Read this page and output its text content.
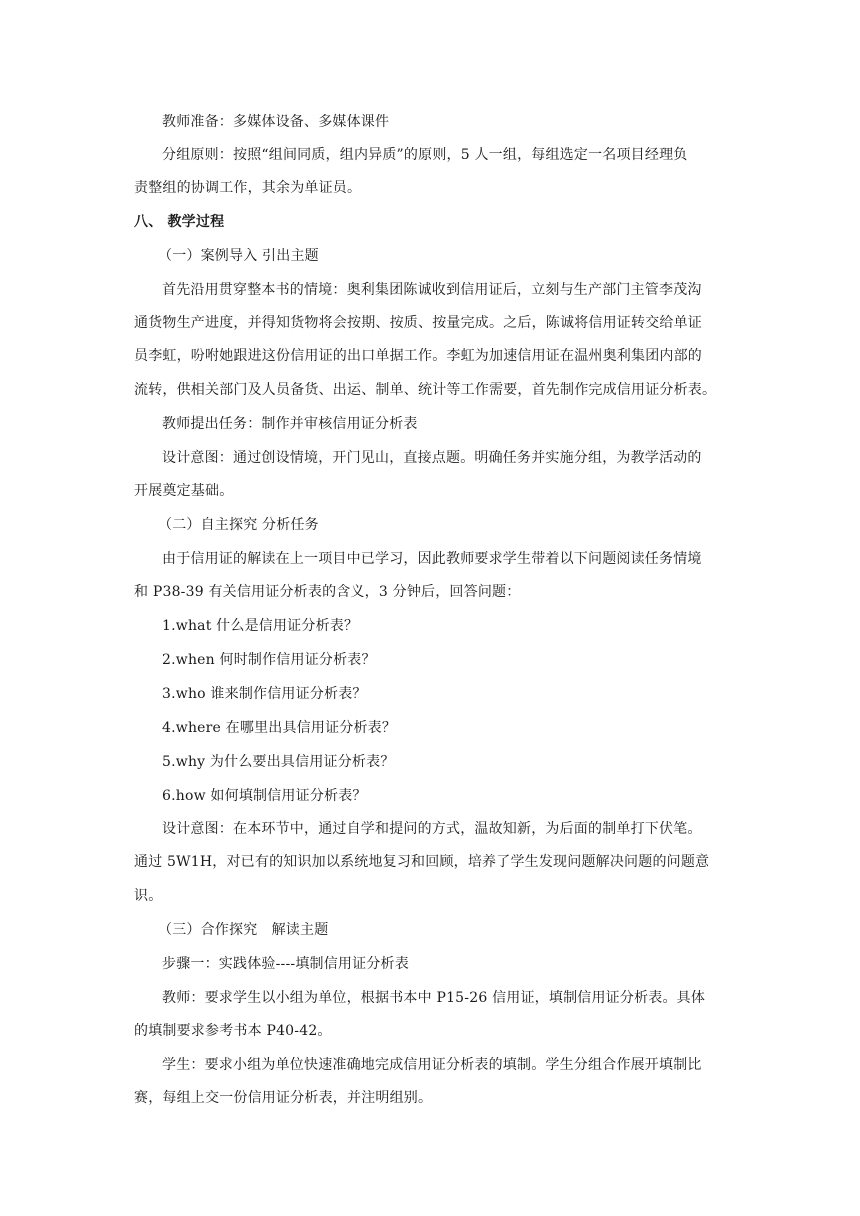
教师准备：多媒体设备、多媒体课件
分组原则：按照“组间同质，组内异质”的原则，5 人一组，每组选定一名项目经理负
责整组的协调工作，其余为单证员。
八、 教学过程
（一）案例导入 引出主题
首先沿用贯穿整本书的情境：奥利集团陈诚收到信用证后，立刻与生产部门主管李茂沟
通货物生产进度，并得知货物将会按期、按质、按量完成。之后，陈诚将信用证转交给单证
员李虹，吩咐她跟进这份信用证的出口单据工作。李虹为加速信用证在温州奥利集团内部的
流转，供相关部门及人员备货、出运、制单、统计等工作需要，首先制作完成信用证分析表。
教师提出任务：制作并审核信用证分析表
设计意图：通过创设情境，开门见山，直接点题。明确任务并实施分组，为教学活动的
开展奠定基础。
（二）自主探究 分析任务
由于信用证的解读在上一项目中已学习，因此教师要求学生带着以下问题阅读任务情境
和 P38-39 有关信用证分析表的含义，3 分钟后，回答问题：
1.what 什么是信用证分析表？
2.when 何时制作信用证分析表？
3.who 谁来制作信用证分析表？
4.where 在哪里出具信用证分析表？
5.why 为什么要出具信用证分析表？
6.how 如何填制信用证分析表？
设计意图：在本环节中，通过自学和提问的方式，温故知新，为后面的制单打下伏笔。
通过 5W1H，对已有的知识加以系统地复习和回顾，培养了学生发现问题解决问题的问题意
识。
（三）合作探究　解读主题
步骤一：实践体验----填制信用证分析表
教师：要求学生以小组为单位，根据书本中 P15-26 信用证，填制信用证分析表。具体
的填制要求参考书本 P40-42。
学生：要求小组为单位快速准确地完成信用证分析表的填制。学生分组合作展开填制比
赛，每组上交一份信用证分析表，并注明组别。
